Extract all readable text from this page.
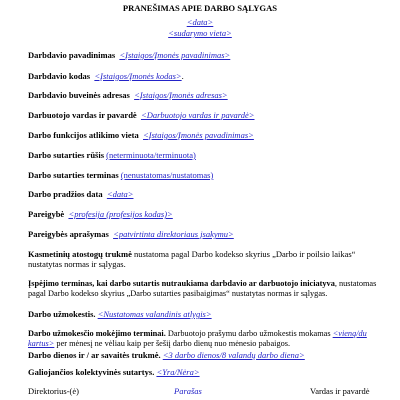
PRANEŠIMAS APIE DARBO SĄLYGAS
<data>
<sudarymo vieta>
Darbdavio pavadinimas <Įstaigos/Įmonės pavadinimas>
Darbdavio kodas <Įstaigos/Įmonės kodas>.
Darbdavio buveinės adresas <Įstaigos/Įmonės adresas>
Darbuotojo vardas ir pavardė <Darbuotojo vardas ir pavardė>
Darbo funkcijos atlikimo vieta <Įstaigos/Įmonės pavadinimas>
Darbo sutarties rūšis (neterminuota/terminuota)
Darbo sutarties terminas (nenustatomas/nustatomas)
Darbo pradžios data <data>
Pareigybė <profesija (profesijos kodas)>
Pareigybės aprašymas <patvirtinta direktoriaus įsakymu>
Kasmetinių atostogų trukmė nustatoma pagal Darbo kodekso skyrius „Darbo ir poilsio laikas“
nustatytas normas ir sąlygas.
Įspėjimo terminas, kai darbo sutartis nutraukiama darbdavio ar darbuotojo iniciatyva, nustatomas
pagal Darbo kodekso skyrius „Darbo sutarties pasibaigimas“ nustatytas normas ir sąlygas.
Darbo užmokestis. <Nustatomas valandinis atlygis>
Darbo užmokesčio mokėjimo terminai. Darbuotojo prašymu darbo užmokestis mokamas <vieną/du
kartus> per mėnesį ne vėliau kaip per šešiį darbo dienų nuo mėnesio pabaigos.
Darbo dienos ir / ar savaitės trukmė. <3 darbo dienos/8 valandų darbo diena>
Galiojančios kolektyvinės sutartys. <Yra/Nėra>
Direktorius-(ė)	Parašas	Vardas ir pavardė
